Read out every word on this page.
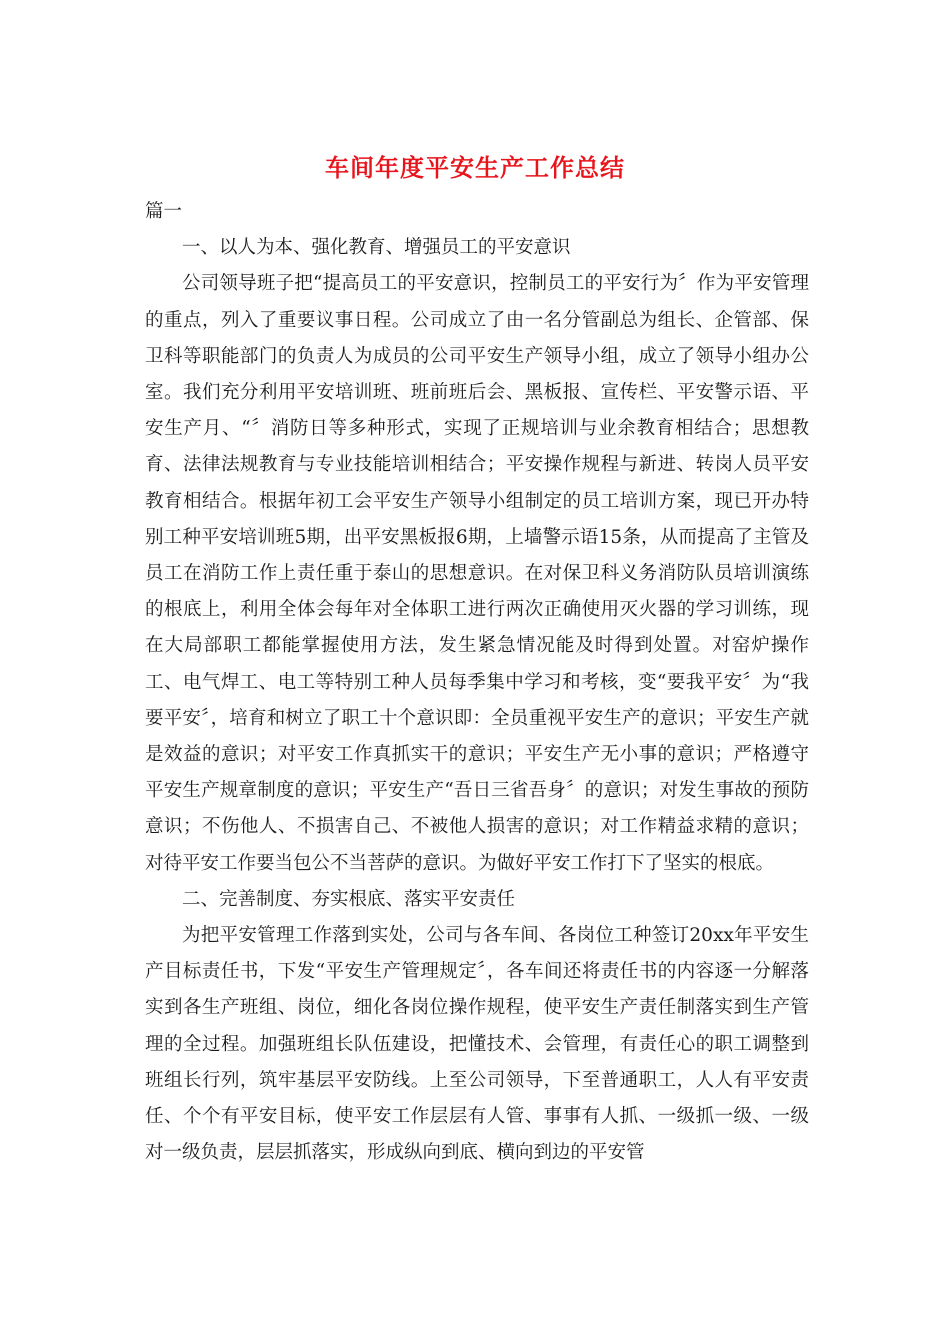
车间年度平安生产工作总结

篇一

一、以人为本、强化教育、增强员工的平安意识

公司领导班子把“提高员工的平安意识，控制员工的平安行为〞作为平安管理的重点，列入了重要议事日程。公司成立了由一名分管副总为组长、企管部、保卫科等职能部门的负责人为成员的公司平安生产领导小组，成立了领导小组办公室。我们充分利用平安培训班、班前班后会、黑板报、宣传栏、平安警示语、平安生产月、“〞消防日等多种形式，实现了正规培训与业余教育相结合；思想教育、法律法规教育与专业技能培训相结合；平安操作规程与新进、转岗人员平安教育相结合。根据年初工会平安生产领导小组制定的员工培训方案，现已开办特别工种平安培训班5期，出平安黑板报6期，上墙警示语15条，从而提高了主管及员工在消防工作上责任重于泰山的思想意识。在对保卫科义务消防队员培训演练的根底上，利用全体会每年对全体职工进行两次正确使用灭火器的学习训练，现在大局部职工都能掌握使用方法，发生紧急情况能及时得到处置。对窑炉操作工、电气焊工、电工等特别工种人员每季集中学习和考核，变“要我平安〞为“我要平安〞，培育和树立了职工十个意识即：全员重视平安生产的意识；平安生产就是效益的意识；对平安工作真抓实干的意识；平安生产无小事的意识；严格遵守平安生产规章制度的意识；平安生产“吾日三省吾身〞的意识；对发生事故的预防意识；不伤他人、不损害自己、不被他人损害的意识；对工作精益求精的意识；对待平安工作要当包公不当菩萨的意识。为做好平安工作打下了坚实的根底。

二、完善制度、夯实根底、落实平安责任

为把平安管理工作落到实处，公司与各车间、各岗位工种签订20xx年平安生产目标责任书，下发“平安生产管理规定〞，各车间还将责任书的内容逐一分解落实到各生产班组、岗位，细化各岗位操作规程，使平安生产责任制落实到生产管理的全过程。加强班组长队伍建设，把懂技术、会管理，有责任心的职工调整到班组长行列，筑牢基层平安防线。上至公司领导，下至普通职工，人人有平安责任、个个有平安目标，使平安工作层层有人管、事事有人抓、一级抓一级、一级对一级负责，层层抓落实，形成纵向到底、横向到边的平安管
